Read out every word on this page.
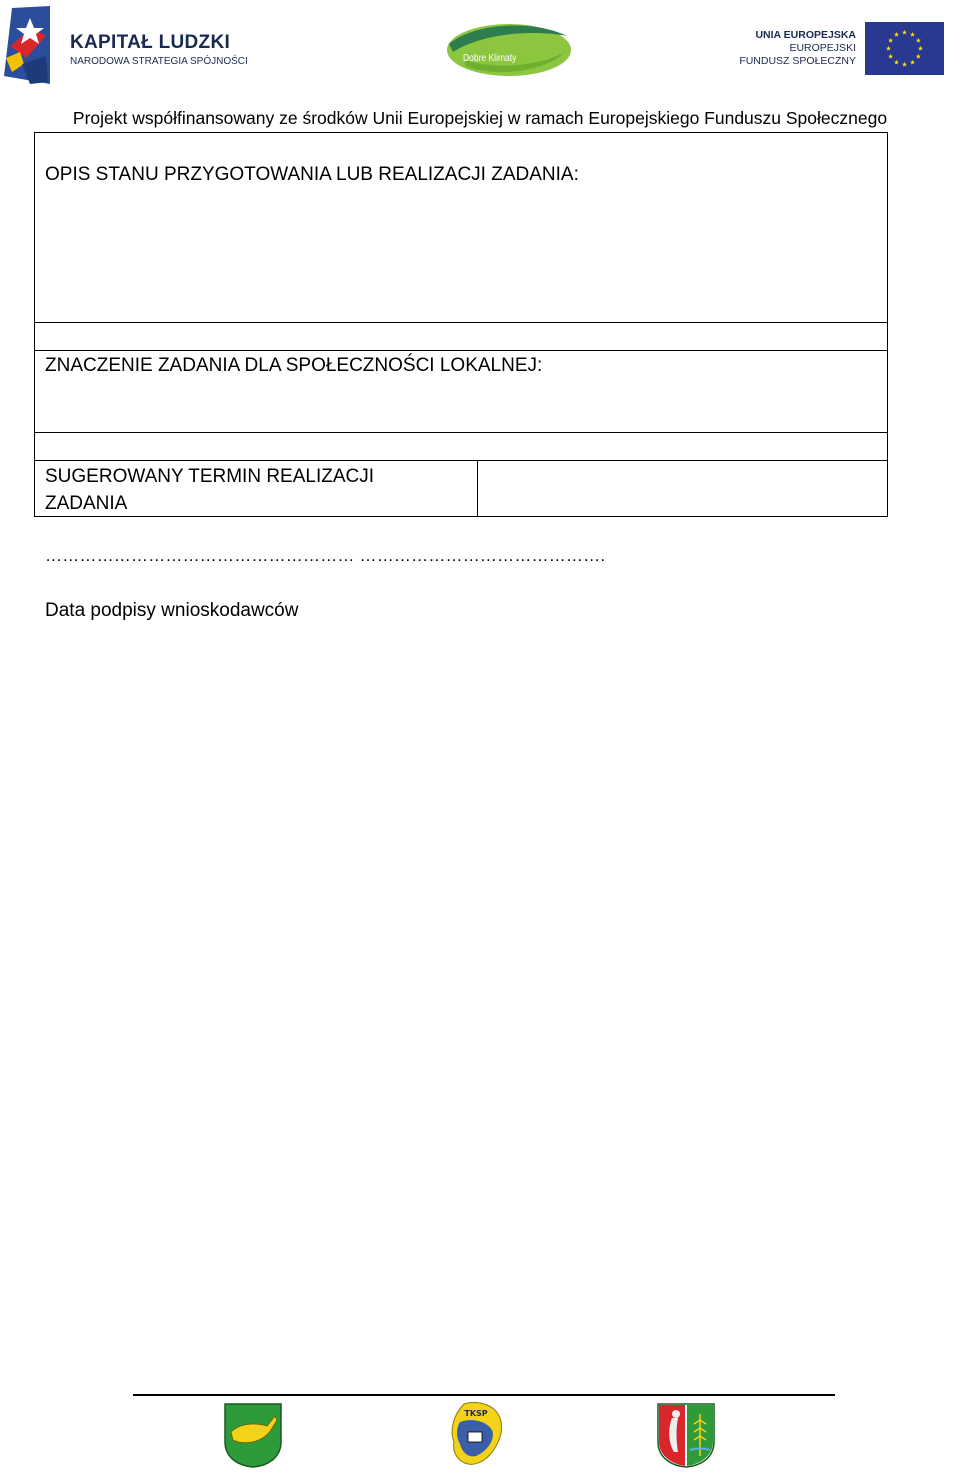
KAPITAŁ LUDZKI
NARODOWA STRATEGIA SPÓJNOŚCI	Dobre Klimaty
UNIA EUROPEJSKA
EUROPEJSKI
FUNDUSZ SPOŁECZNY
Projekt współfinansowany ze środków Unii Europejskiej w ramach Europejskiego Funduszu Społecznego
OPIS STANU PRZYGOTOWANIA LUB REALIZACJI ZADANIA:
ZNACZENIE ZADANIA DLA SPOŁECZNOŚCI LOKALNEJ:
SUGEROWANY TERMIN REALIZACJI
ZADANIA
……………………………………………… …………………………………….
Data podpisy wnioskodawców
TKSP
